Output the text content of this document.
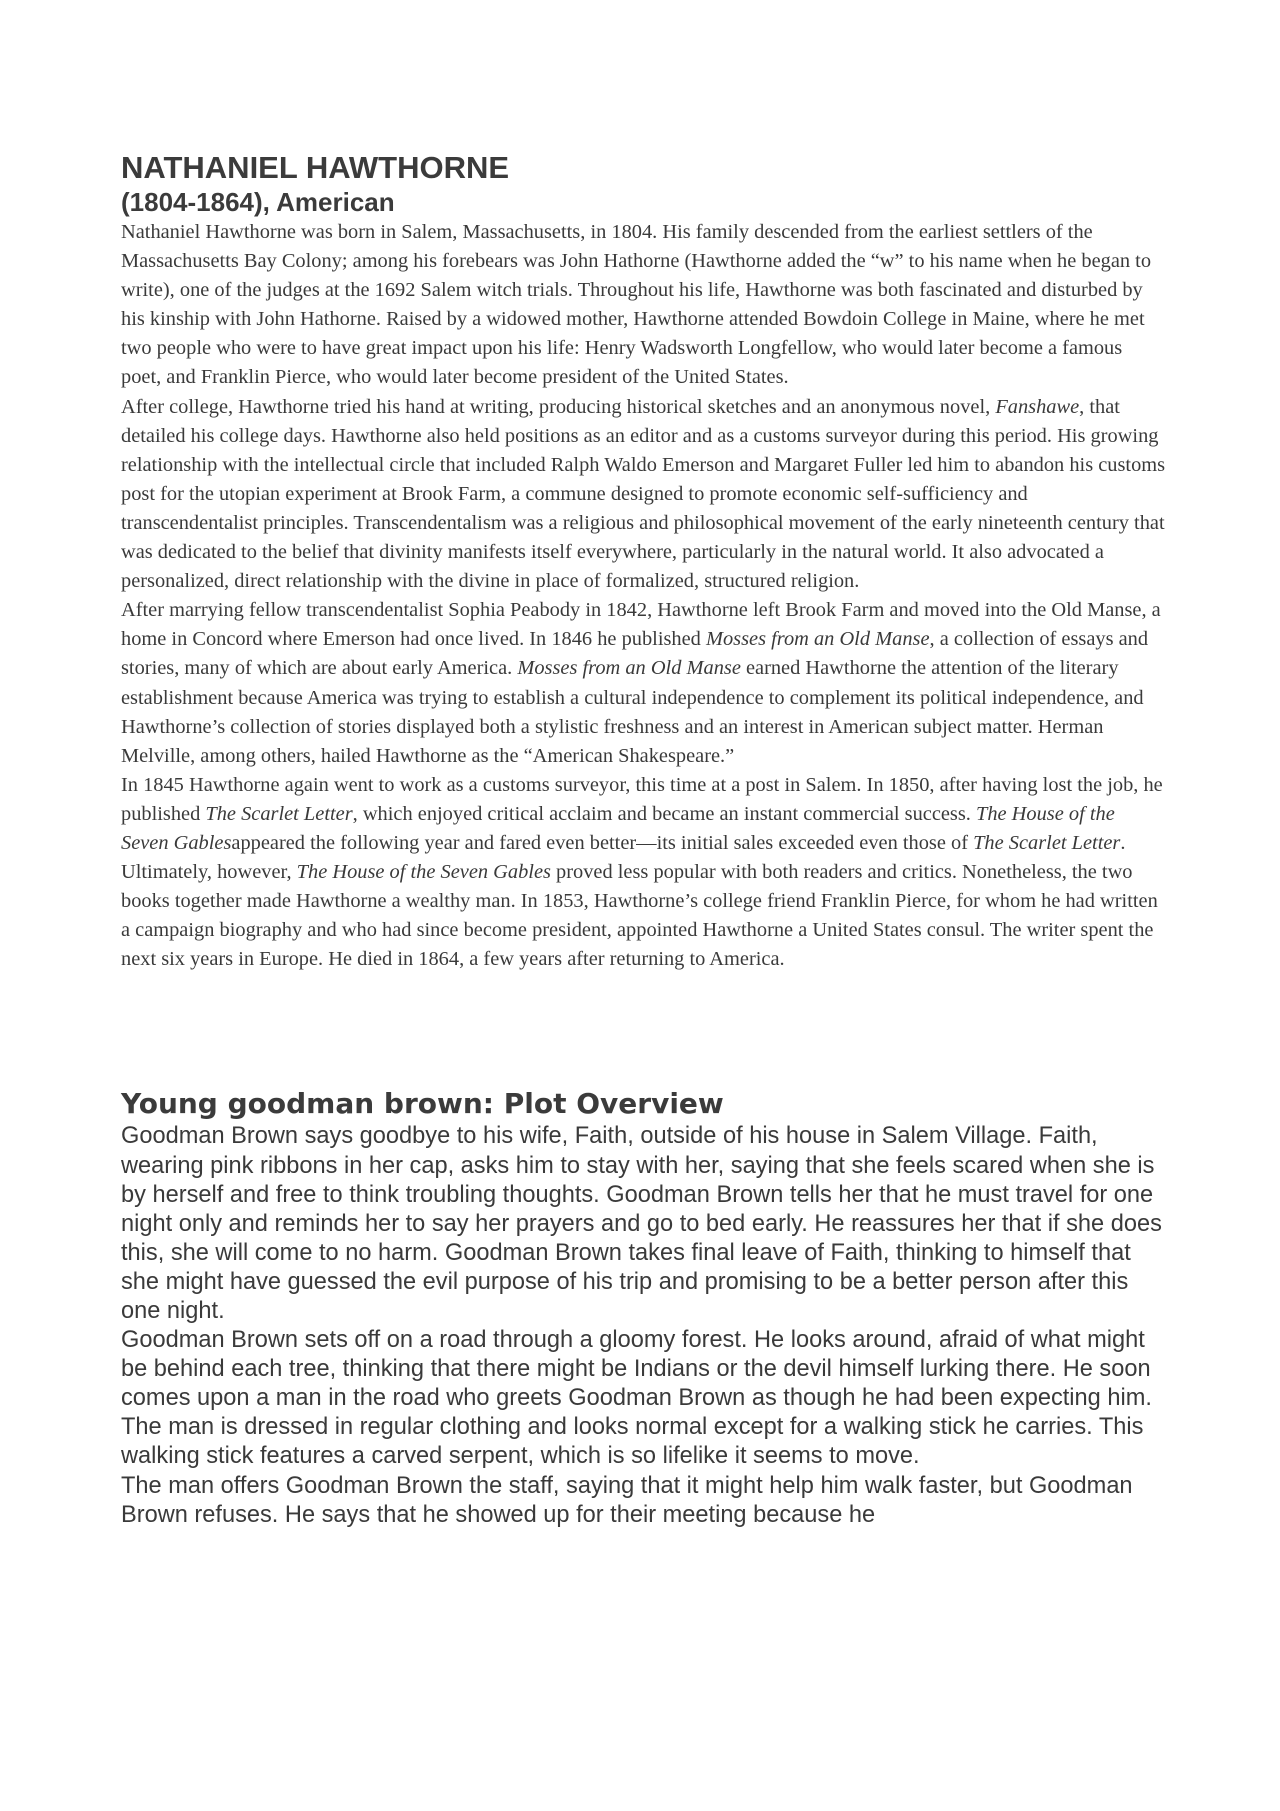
NATHANIEL HAWTHORNE
(1804-1864), American

Nathaniel Hawthorne was born in Salem, Massachusetts, in 1804. His family descended from the earliest settlers of the Massachusetts Bay Colony; among his forebears was John Hathorne (Hawthorne added the “w” to his name when he began to write), one of the judges at the 1692 Salem witch trials. Throughout his life, Hawthorne was both fascinated and disturbed by his kinship with John Hathorne. Raised by a widowed mother, Hawthorne attended Bowdoin College in Maine, where he met two people who were to have great impact upon his life: Henry Wadsworth Longfellow, who would later become a famous poet, and Franklin Pierce, who would later become president of the United States.

After college, Hawthorne tried his hand at writing, producing historical sketches and an anonymous novel, Fanshawe, that detailed his college days. Hawthorne also held positions as an editor and as a customs surveyor during this period. His growing relationship with the intellectual circle that included Ralph Waldo Emerson and Margaret Fuller led him to abandon his customs post for the utopian experiment at Brook Farm, a commune designed to promote economic self-sufficiency and transcendentalist principles. Transcendentalism was a religious and philosophical movement of the early nineteenth century that was dedicated to the belief that divinity manifests itself everywhere, particularly in the natural world. It also advocated a personalized, direct relationship with the divine in place of formalized, structured religion.

After marrying fellow transcendentalist Sophia Peabody in 1842, Hawthorne left Brook Farm and moved into the Old Manse, a home in Concord where Emerson had once lived. In 1846 he published Mosses from an Old Manse, a collection of essays and stories, many of which are about early America. Mosses from an Old Manse earned Hawthorne the attention of the literary establishment because America was trying to establish a cultural independence to complement its political independence, and Hawthorne’s collection of stories displayed both a stylistic freshness and an interest in American subject matter. Herman Melville, among others, hailed Hawthorne as the “American Shakespeare.”

In 1845 Hawthorne again went to work as a customs surveyor, this time at a post in Salem. In 1850, after having lost the job, he published The Scarlet Letter, which enjoyed critical acclaim and became an instant commercial success. The House of the Seven Gablesappeared the following year and fared even better—its initial sales exceeded even those of The Scarlet Letter. Ultimately, however, The House of the Seven Gables proved less popular with both readers and critics. Nonetheless, the two books together made Hawthorne a wealthy man. In 1853, Hawthorne’s college friend Franklin Pierce, for whom he had written a campaign biography and who had since become president, appointed Hawthorne a United States consul. The writer spent the next six years in Europe. He died in 1864, a few years after returning to America.

Young goodman brown: Plot Overview

Goodman Brown says goodbye to his wife, Faith, outside of his house in Salem Village. Faith, wearing pink ribbons in her cap, asks him to stay with her, saying that she feels scared when she is by herself and free to think troubling thoughts. Goodman Brown tells her that he must travel for one night only and reminds her to say her prayers and go to bed early. He reassures her that if she does this, she will come to no harm. Goodman Brown takes final leave of Faith, thinking to himself that she might have guessed the evil purpose of his trip and promising to be a better person after this one night.

Goodman Brown sets off on a road through a gloomy forest. He looks around, afraid of what might be behind each tree, thinking that there might be Indians or the devil himself lurking there. He soon comes upon a man in the road who greets Goodman Brown as though he had been expecting him. The man is dressed in regular clothing and looks normal except for a walking stick he carries. This walking stick features a carved serpent, which is so lifelike it seems to move.

The man offers Goodman Brown the staff, saying that it might help him walk faster, but Goodman Brown refuses. He says that he showed up for their meeting because he
